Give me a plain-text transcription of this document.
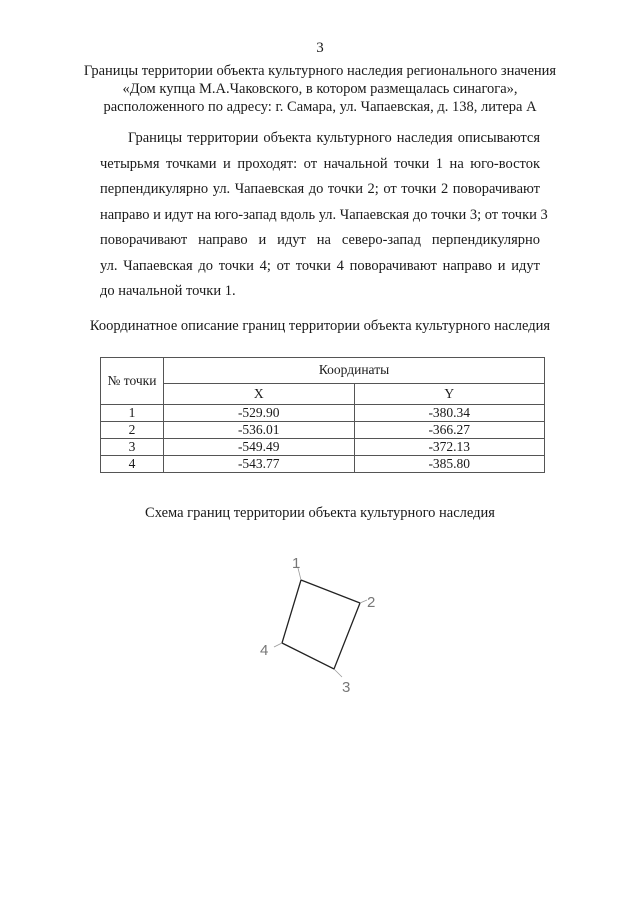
3
Границы территории объекта культурного наследия регионального значения
«Дом купца М.А.Чаковского, в котором размещалась синагога»,
расположенного по адресу: г. Самара, ул. Чапаевская, д. 138, литера А
Границы территории объекта культурного наследия описываются
четырьмя точками и проходят: от начальной точки 1 на юго-восток
перпендикулярно ул. Чапаевская до точки 2; от точки 2 поворачивают
направо и идут на юго-запад вдоль ул. Чапаевская до точки 3; от точки 3
поворачивают направо и идут на северо-запад перпендикулярно
ул. Чапаевская до точки 4; от точки 4 поворачивают направо и идут
до начальной точки 1.
Координатное описание границ территории объекта культурного наследия
№ точки	Координаты	
	X	Y
1	-529.90	-380.34
2	-536.01	-366.27
3	-549.49	-372.13
4	-543.77	-385.80
Схема границ территории объекта культурного наследия
1
2
3
4
